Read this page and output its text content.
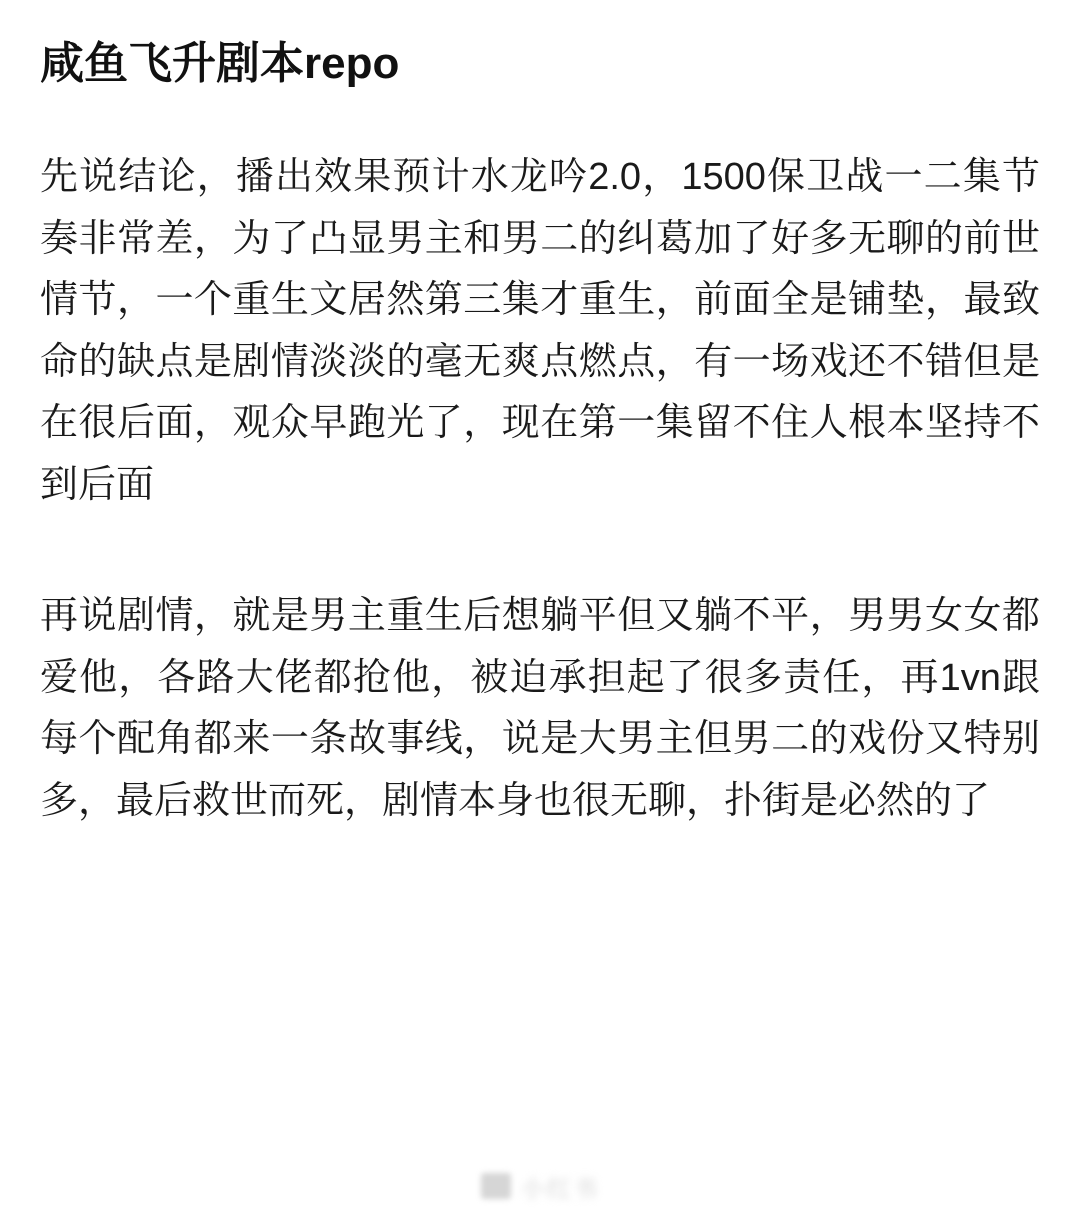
咸鱼飞升剧本repo

先说结论，播出效果预计水龙吟2.0，1500保卫战一二集节奏非常差，为了凸显男主和男二的纠葛加了好多无聊的前世情节，一个重生文居然第三集才重生，前面全是铺垫，最致命的缺点是剧情淡淡的毫无爽点燃点，有一场戏还不错但是在很后面，观众早跑光了，现在第一集留不住人根本坚持不到后面

再说剧情，就是男主重生后想躺平但又躺不平，男男女女都爱他，各路大佬都抢他，被迫承担起了很多责任，再1vn跟每个配角都来一条故事线，说是大男主但男二的戏份又特别多，最后救世而死，剧情本身也很无聊，扑街是必然的了

小红书
